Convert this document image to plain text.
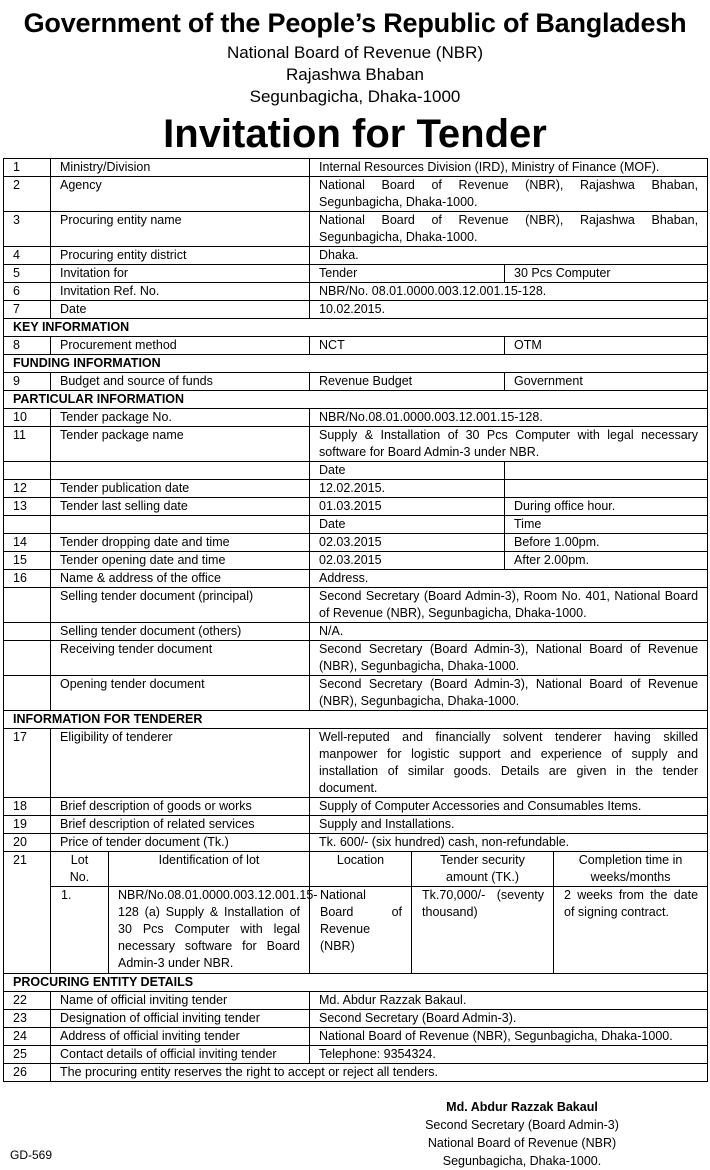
Government of the People’s Republic of Bangladesh
National Board of Revenue (NBR)
Rajashwa Bhaban
Segunbagicha, Dhaka-1000
Invitation for Tender
1	Ministry/Division		Internal Resources Division (IRD), Ministry of Finance (MOF).			
2	Agency		National Board of Revenue (NBR), Rajashwa Bhaban, Segunbagicha, Dhaka-1000.			
3	Procuring entity name		National Board of Revenue (NBR), Rajashwa Bhaban, Segunbagicha, Dhaka-1000.			
4	Procuring entity district		Dhaka.			
5	Invitation for		Tender		30 Pcs Computer	
6	Invitation Ref. No.		NBR/No. 08.01.0000.003.12.001.15-128.			
7	Date		10.02.2015.			
KEY INFORMATION						
8	Procurement method		NCT		OTM	
FUNDING INFORMATION						
9	Budget and source of funds		Revenue Budget		Government	
PARTICULAR INFORMATION						
10	Tender package No.		NBR/No.08.01.0000.003.12.001.15-128.			
11	Tender package name		Supply & Installation of 30 Pcs Computer with legal necessary software for Board Admin-3 under NBR.			
			Date			
12	Tender publication date		12.02.2015.			
13	Tender last selling date		01.03.2015		During office hour.	
			Date		Time	
14	Tender dropping date and time		02.03.2015		Before 1.00pm.	
15	Tender opening date and time		02.03.2015		After 2.00pm.	
16	Name & address of the office		Address.			
	Selling tender document (principal)		Second Secretary (Board Admin-3), Room No. 401, National Board of Revenue (NBR), Segunbagicha, Dhaka-1000.			
	Selling tender document (others)		N/A.			
	Receiving tender document		Second Secretary (Board Admin-3), National Board of Revenue (NBR), Segunbagicha, Dhaka-1000.			
	Opening tender document		Second Secretary (Board Admin-3), National Board of Revenue (NBR), Segunbagicha, Dhaka-1000.			
INFORMATION FOR TENDERER						
17	Eligibility of tenderer		Well-reputed and financially solvent tenderer having skilled manpower for logistic support and experience of supply and installation of similar goods. Details are given in the tender document.			
18	Brief description of goods or works		Supply of Computer Accessories and Consumables Items.			
19	Brief description of related services		Supply and Installations.			
20	Price of tender document (Tk.)		Tk. 600/- (six hundred) cash, non-refundable.			
21	Lot No.	Identification of lot	Location	Tender security amount (TK.)		Completion time in weeks/months
	1.	NBR/No.08.01.0000.003.12.001.15-128 (a) Supply & Installation of 30 Pcs Computer with legal necessary software for Board Admin-3 under NBR.	National Board of Revenue (NBR)	Tk.70,000/- (seventy thousand)		2 weeks from the date of signing contract.
PROCURING ENTITY DETAILS						
22	Name of official inviting tender		Md. Abdur Razzak Bakaul.			
23	Designation of official inviting tender		Second Secretary (Board Admin-3).			
24	Address of official inviting tender		National Board of Revenue (NBR), Segunbagicha, Dhaka-1000.			
25	Contact details of official inviting tender		Telephone: 9354324.			
26	The procuring entity reserves the right to accept or reject all tenders.					
Md. Abdur Razzak Bakaul
Second Secretary (Board Admin-3)
National Board of Revenue (NBR)
Segunbagicha, Dhaka-1000.
GD-569
